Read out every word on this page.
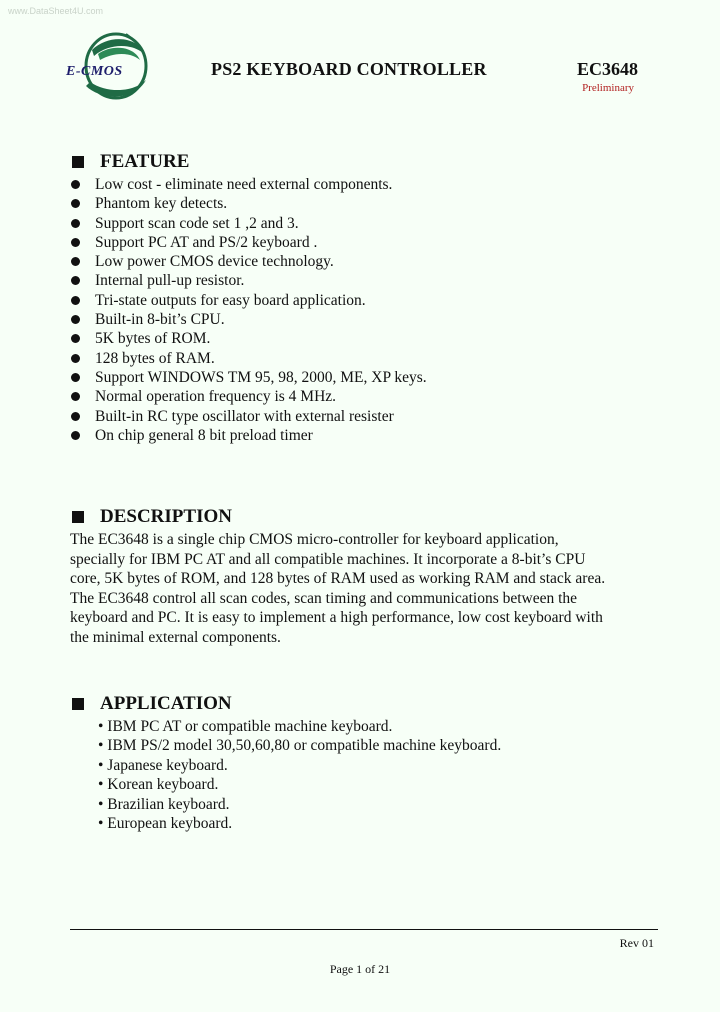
www.DataSheet4U.com
E-CMOS	PS2 KEYBOARD CONTROLLER	EC3648
Preliminary
FEATURE
Low cost - eliminate need external components.
Phantom key detects.
Support scan code set 1 ,2 and 3.
Support PC AT and PS/2 keyboard .
Low power CMOS device technology.
Internal pull-up resistor.
Tri-state outputs for easy board application.
Built-in 8-bit’s CPU.
5K bytes of ROM.
128 bytes of RAM.
Support WINDOWS TM 95, 98, 2000, ME, XP keys.
Normal operation frequency is 4 MHz.
Built-in RC type oscillator with external resister
On chip general 8 bit preload timer
DESCRIPTION
The EC3648 is a single chip CMOS micro-controller for keyboard application,
specially for IBM PC AT and all compatible machines. It incorporate a 8-bit’s CPU
core, 5K bytes of ROM, and 128 bytes of RAM used as working RAM and stack area.
The EC3648 control all scan codes, scan timing and communications between the
keyboard and PC. It is easy to implement a high performance, low cost keyboard with
the minimal external components.
APPLICATION
• IBM PC AT or compatible machine keyboard.
• IBM PS/2 model 30,50,60,80 or compatible machine keyboard.
• Japanese keyboard.
• Korean keyboard.
• Brazilian keyboard.
• European keyboard.
Rev 01
Page 1 of 21
